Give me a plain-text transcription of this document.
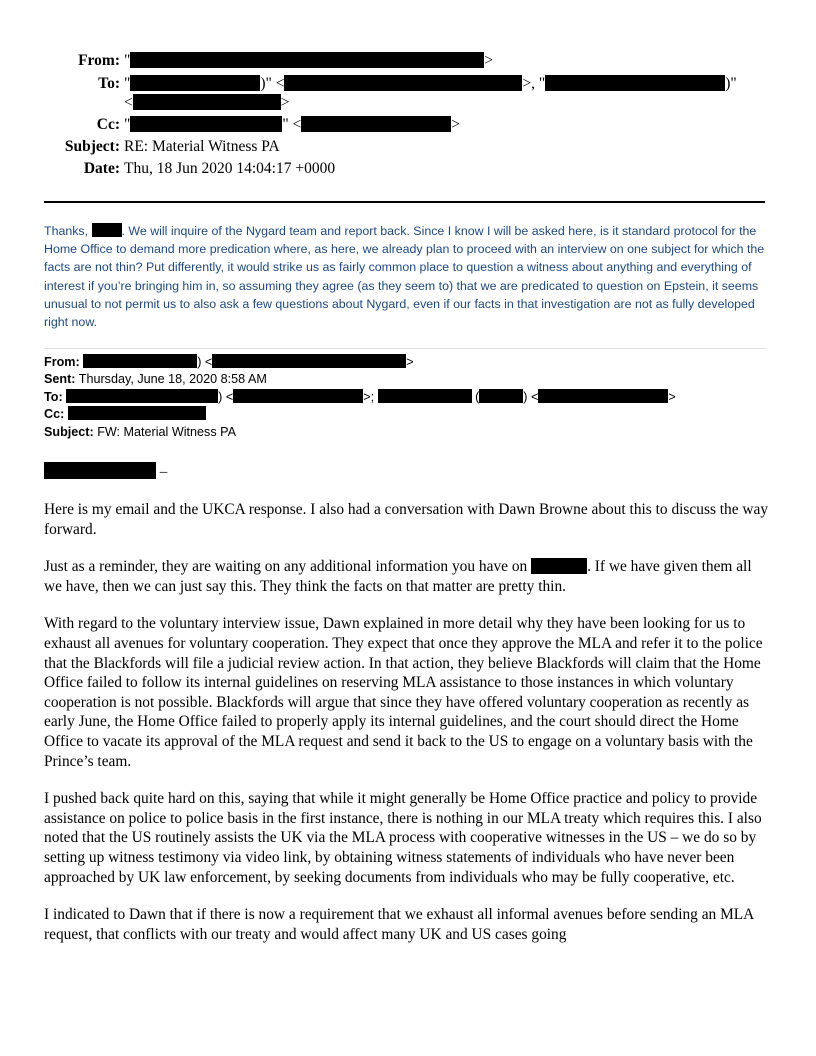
From: "	>
To: "	)" <	>, "	)"
<	>
Cc: "	" <	>
Subject: RE: Material Witness PA
Date: Thu, 18 Jun 2020 14:04:17 +0000
Thanks,	. We will inquire of the Nygard team and report back. Since I know I will be asked here, is it standard protocol for the Home Office to demand more predication where, as here, we already plan to proceed with an interview on one subject for which the facts are not thin? Put differently, it would strike us as fairly common place to question a witness about anything and everything of interest if you’re bringing him in, so assuming they agree (as they seem to) that we are predicated to question on Epstein, it seems unusual to not permit us to also ask a few questions about Nygard, even if our facts in that investigation are not as fully developed right now.
From:	) <	>
Sent: Thursday, June 18, 2020 8:58 AM
To:	) <	>;	(	) <	>
Cc:
Subject: FW: Material Witness PA
–

Here is my email and the UKCA response. I also had a conversation with Dawn Browne about this to discuss the way forward.

Just as a reminder, they are waiting on any additional information you have on	. If we have given them all we have, then we can just say this. They think the facts on that matter are pretty thin.

With regard to the voluntary interview issue, Dawn explained in more detail why they have been looking for us to exhaust all avenues for voluntary cooperation. They expect that once they approve the MLA and refer it to the police that the Blackfords will file a judicial review action. In that action, they believe Blackfords will claim that the Home Office failed to follow its internal guidelines on reserving MLA assistance to those instances in which voluntary cooperation is not possible. Blackfords will argue that since they have offered voluntary cooperation as recently as early June, the Home Office failed to properly apply its internal guidelines, and the court should direct the Home Office to vacate its approval of the MLA request and send it back to the US to engage on a voluntary basis with the Prince’s team.

I pushed back quite hard on this, saying that while it might generally be Home Office practice and policy to provide assistance on police to police basis in the first instance, there is nothing in our MLA treaty which requires this. I also noted that the US routinely assists the UK via the MLA process with cooperative witnesses in the US – we do so by setting up witness testimony via video link, by obtaining witness statements of individuals who have never been approached by UK law enforcement, by seeking documents from individuals who may be fully cooperative, etc.

I indicated to Dawn that if there is now a requirement that we exhaust all informal avenues before sending an MLA request, that conflicts with our treaty and would affect many UK and US cases going
